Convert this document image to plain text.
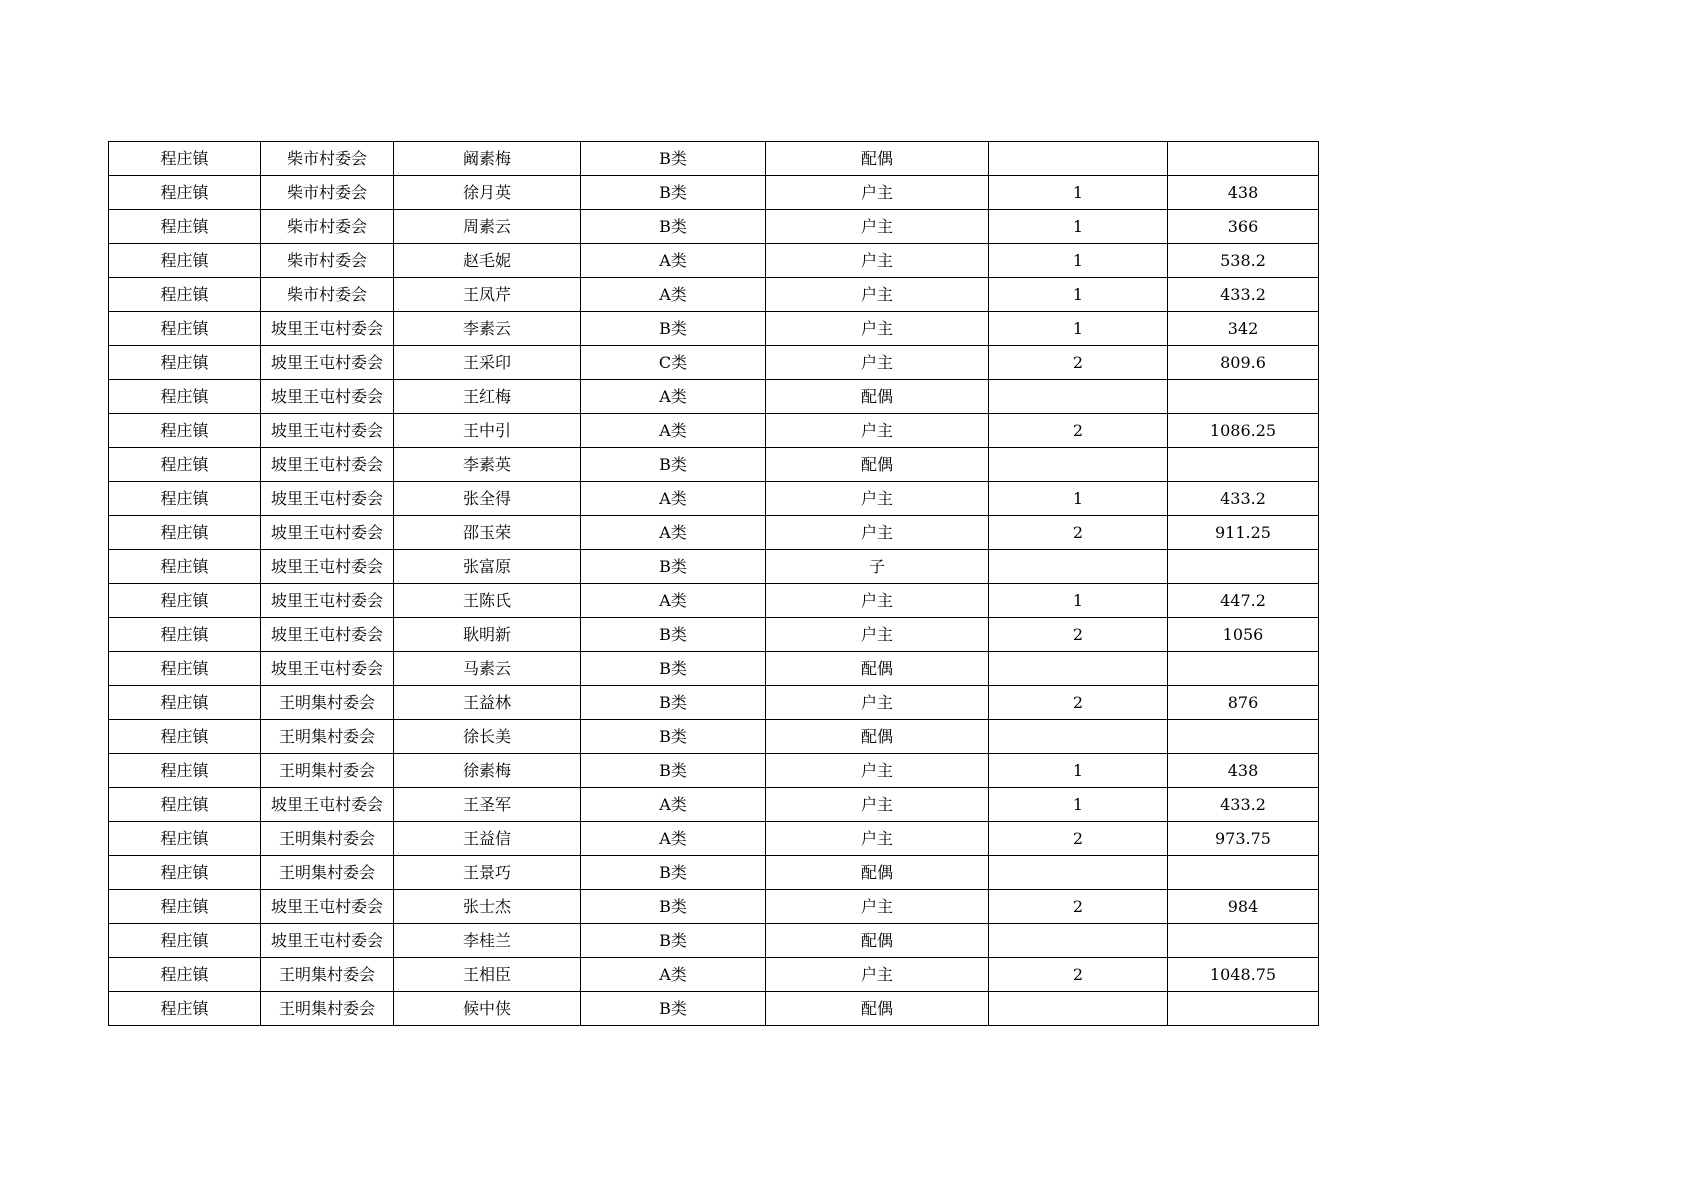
程庄镇	柴市村委会	阚素梅	B类	配偶		
程庄镇	柴市村委会	徐月英	B类	户主	1	438
程庄镇	柴市村委会	周素云	B类	户主	1	366
程庄镇	柴市村委会	赵毛妮	A类	户主	1	538.2
程庄镇	柴市村委会	王凤芹	A类	户主	1	433.2
程庄镇	坡里王屯村委会	李素云	B类	户主	1	342
程庄镇	坡里王屯村委会	王采印	C类	户主	2	809.6
程庄镇	坡里王屯村委会	王红梅	A类	配偶		
程庄镇	坡里王屯村委会	王中引	A类	户主	2	1086.25
程庄镇	坡里王屯村委会	李素英	B类	配偶		
程庄镇	坡里王屯村委会	张全得	A类	户主	1	433.2
程庄镇	坡里王屯村委会	邵玉荣	A类	户主	2	911.25
程庄镇	坡里王屯村委会	张富原	B类	子		
程庄镇	坡里王屯村委会	王陈氏	A类	户主	1	447.2
程庄镇	坡里王屯村委会	耿明新	B类	户主	2	1056
程庄镇	坡里王屯村委会	马素云	B类	配偶		
程庄镇	王明集村委会	王益林	B类	户主	2	876
程庄镇	王明集村委会	徐长美	B类	配偶		
程庄镇	王明集村委会	徐素梅	B类	户主	1	438
程庄镇	坡里王屯村委会	王圣军	A类	户主	1	433.2
程庄镇	王明集村委会	王益信	A类	户主	2	973.75
程庄镇	王明集村委会	王景巧	B类	配偶		
程庄镇	坡里王屯村委会	张士杰	B类	户主	2	984
程庄镇	坡里王屯村委会	李桂兰	B类	配偶		
程庄镇	王明集村委会	王相臣	A类	户主	2	1048.75
程庄镇	王明集村委会	候中侠	B类	配偶		
